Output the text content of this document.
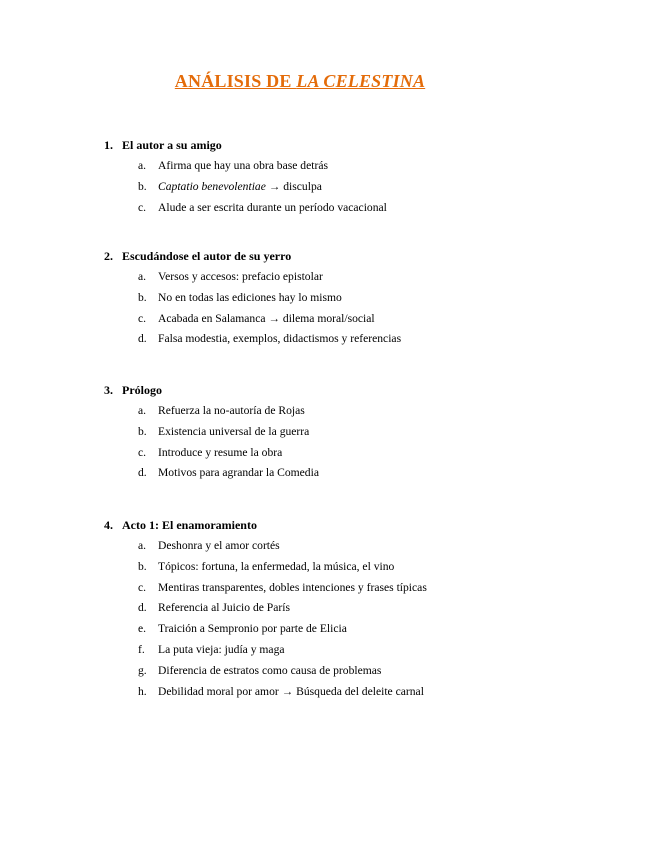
ANÁLISIS DE LA CELESTINA
1. El autor a su amigo
a. Afirma que hay una obra base detrás
b. Captatio benevolentiae → disculpa
c. Alude a ser escrita durante un período vacacional
2. Escudándose el autor de su yerro
a. Versos y accesos: prefacio epistolar
b. No en todas las ediciones hay lo mismo
c. Acabada en Salamanca → dilema moral/social
d. Falsa modestia, exemplos, didactismos y referencias
3. Prólogo
a. Refuerza la no-autoría de Rojas
b. Existencia universal de la guerra
c. Introduce y resume la obra
d. Motivos para agrandar la Comedia
4. Acto 1: El enamoramiento
a. Deshonra y el amor cortés
b. Tópicos: fortuna, la enfermedad, la música, el vino
c. Mentiras transparentes, dobles intenciones y frases típicas
d. Referencia al Juicio de París
e. Traición a Sempronio por parte de Elicia
f. La puta vieja: judía y maga
g. Diferencia de estratos como causa de problemas
h. Debilidad moral por amor → Búsqueda del deleite carnal
